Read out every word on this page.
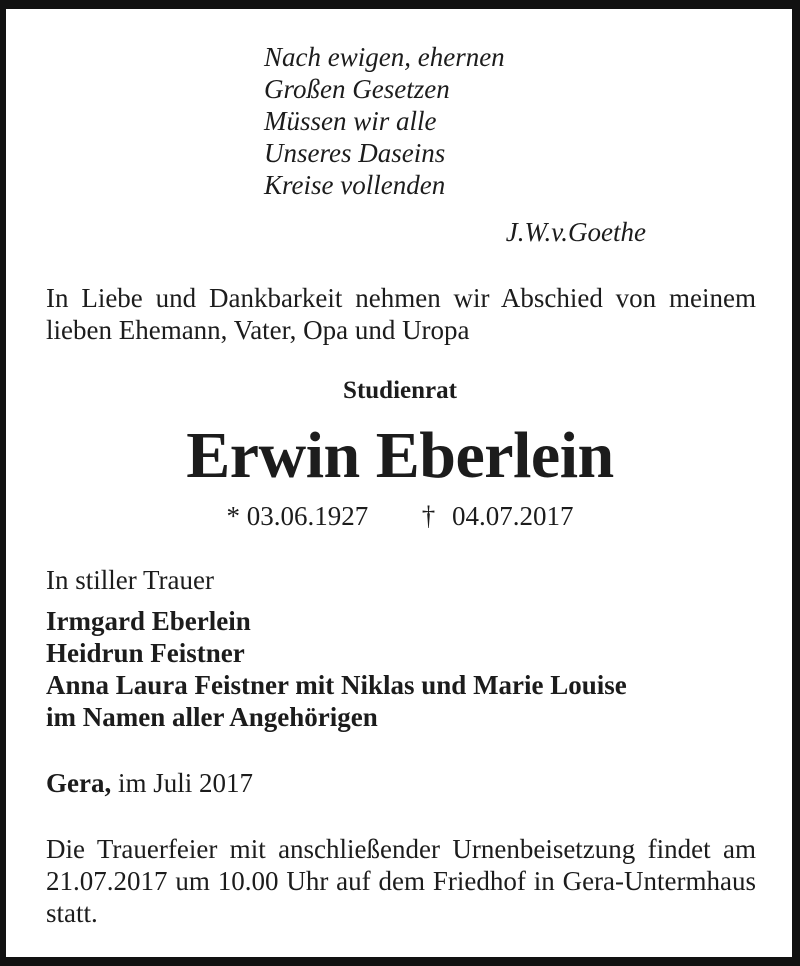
Nach ewigen, ehernen
Großen Gesetzen
Müssen wir alle
Unseres Daseins
Kreise vollenden

J.W.v.Goethe

In Liebe und Dankbarkeit nehmen wir Abschied von meinem lieben Ehemann, Vater, Opa und Uropa

Studienrat
Erwin Eberlein
* 03.06.1927 † 04.07.2017
In stiller Trauer

Irmgard Eberlein
Heidrun Feistner
Anna Laura Feistner mit Niklas und Marie Louise
im Namen aller Angehörigen

Gera, im Juli 2017

Die Trauerfeier mit anschließender Urnenbeisetzung findet am 21.07.2017 um 10.00 Uhr auf dem Friedhof in Gera-Untermhaus statt.
